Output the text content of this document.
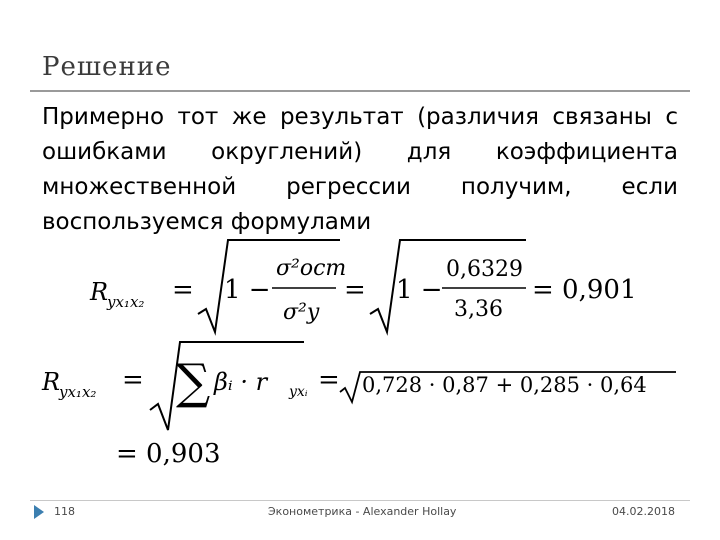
Решение
Примерно тот же результат (различия связаны с ошибками округлений) для коэффициента множественной регрессии получим, если воспользуемся формулами
R
yx₁x₂ = 1 −
σ²ост
σ²y
= 1 −
0,6329
3,36
= 0,901
R
yx₁x₂ = ∑ βᵢ · r yxᵢ = 0,728 · 0,87 + 0,285 · 0,64
= 0,903
118	Эконометрика - Alexander Hollay	04.02.2018
